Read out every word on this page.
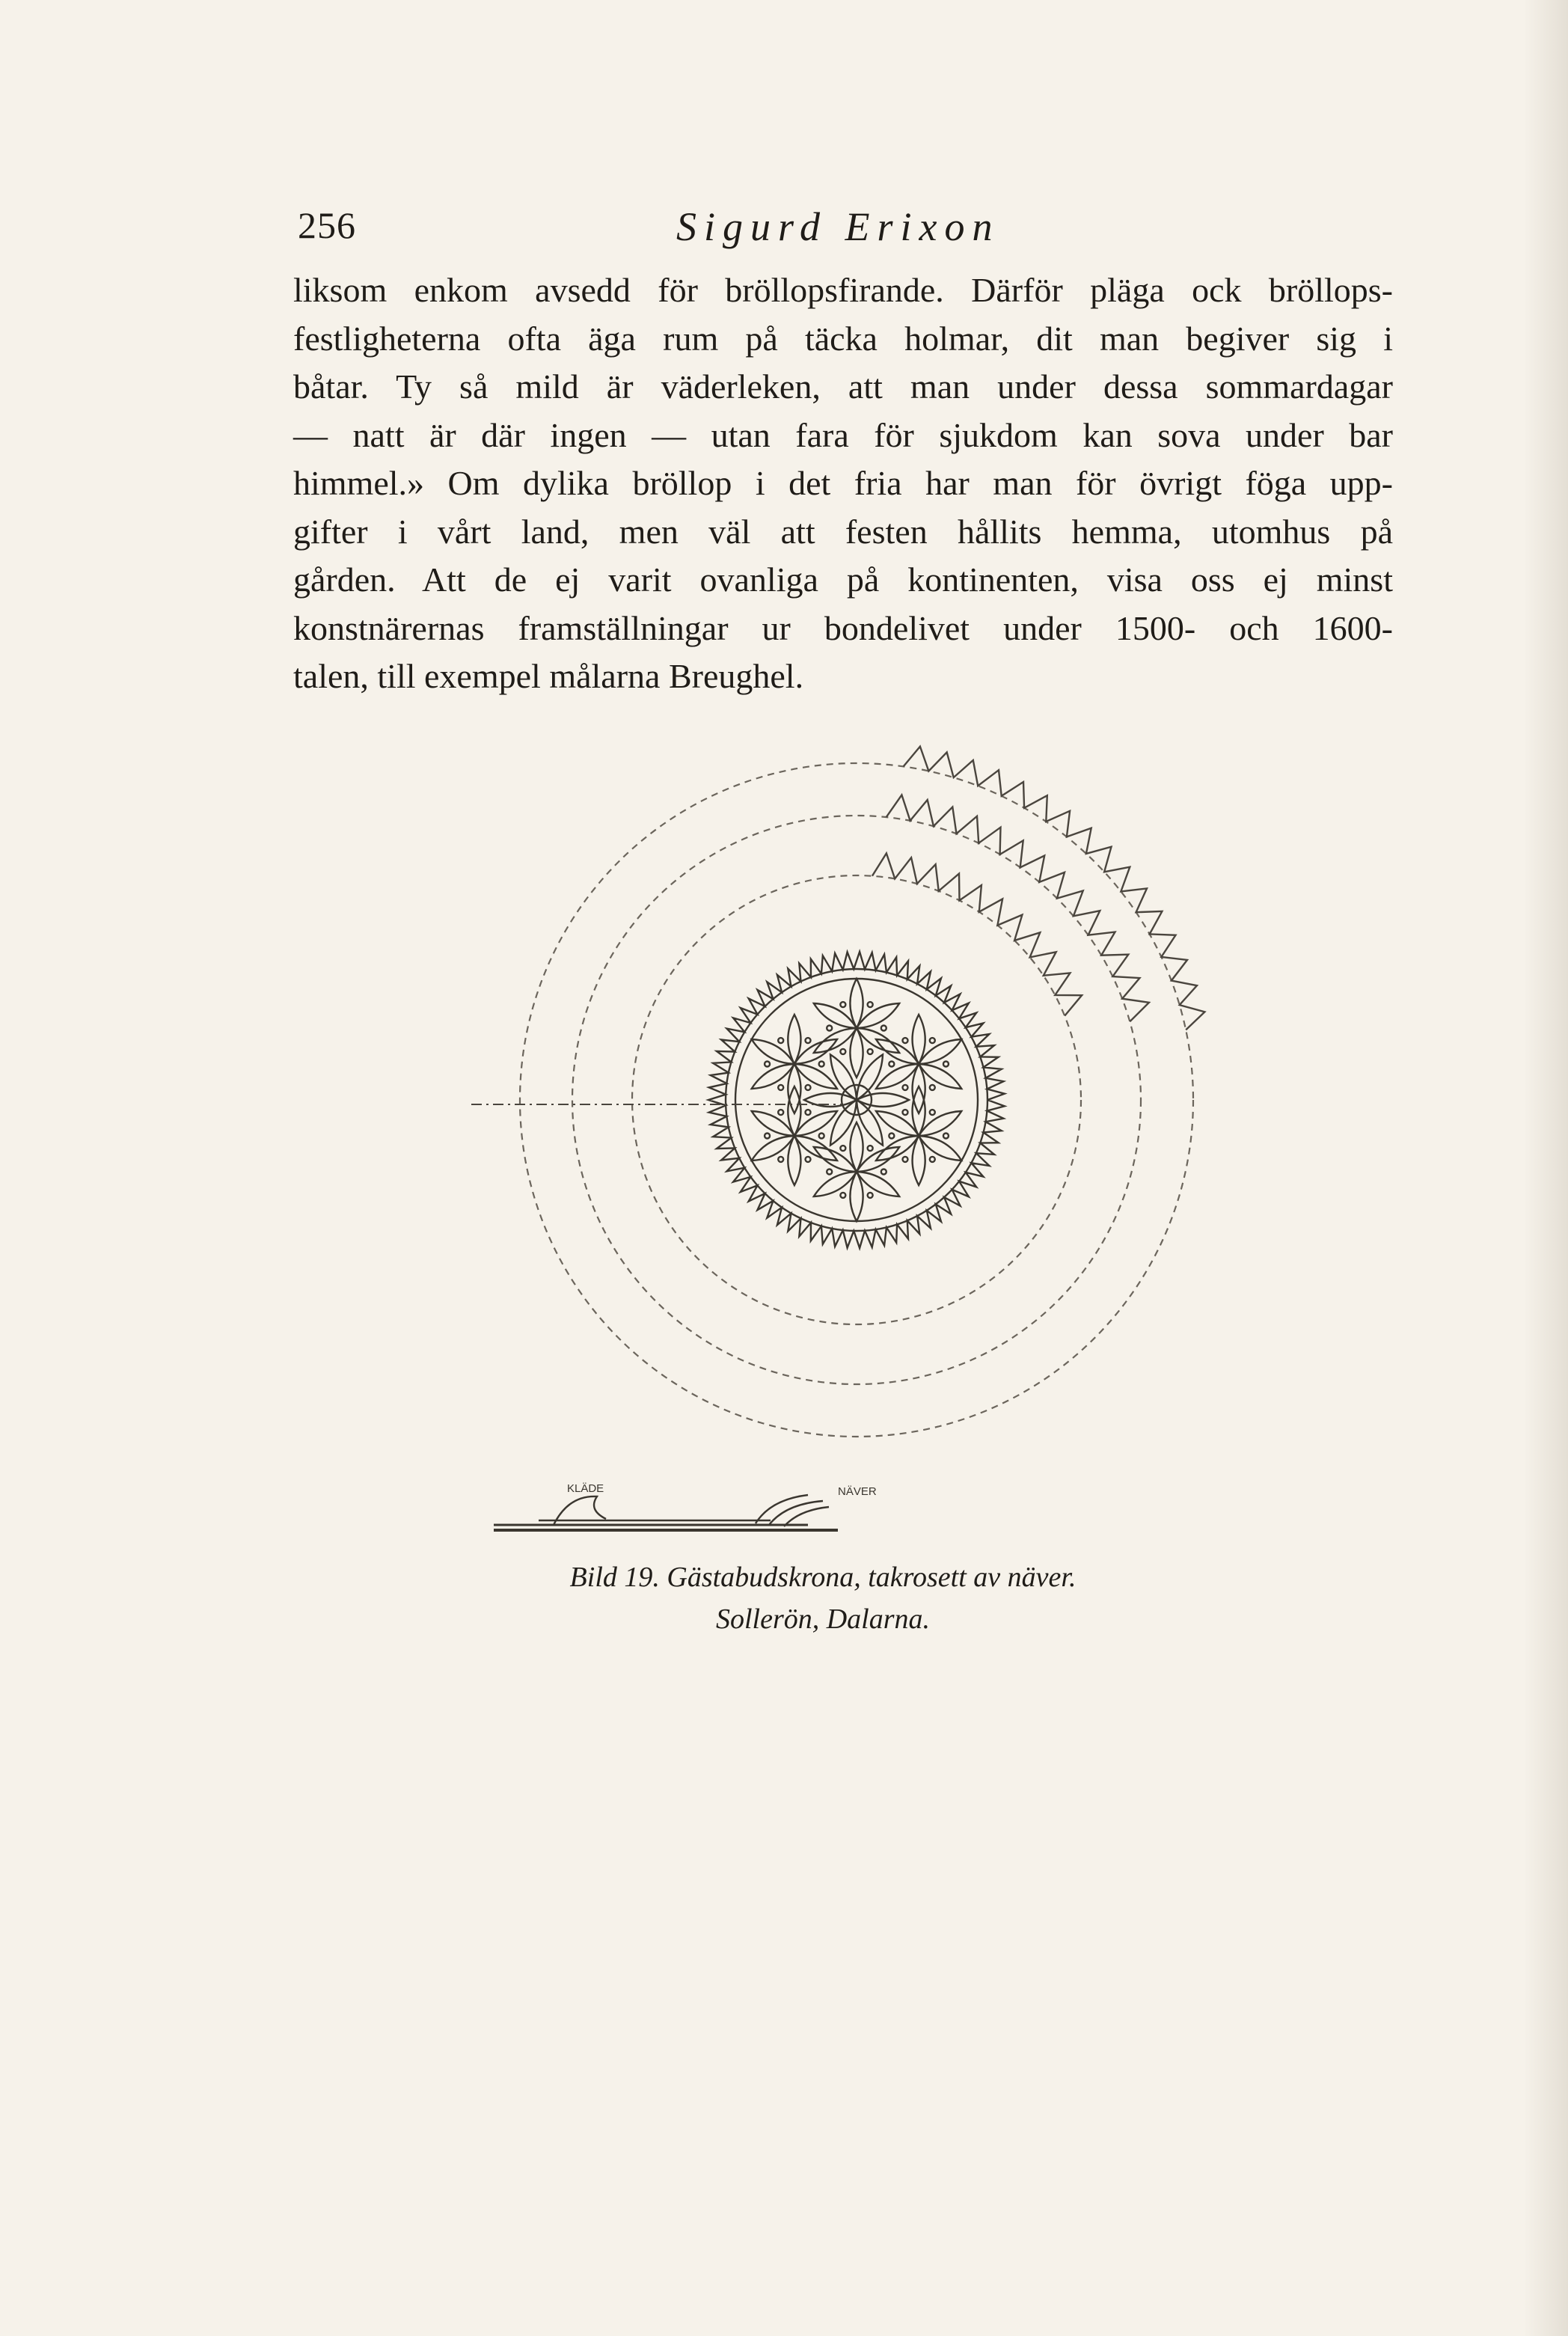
256	Sigurd Erixon
liksom enkom avsedd för bröllopsfirande. Därför pläga ock bröllops-
festligheterna ofta äga rum på täcka holmar, dit man begiver sig i
båtar. Ty så mild är väderleken, att man under dessa sommardagar
— natt är där ingen — utan fara för sjukdom kan sova under bar
himmel.» Om dylika bröllop i det fria har man för övrigt föga upp-
gifter i vårt land, men väl att festen hållits hemma, utomhus på
gården. Att de ej varit ovanliga på kontinenten, visa oss ej minst
konstnärernas framställningar ur bondelivet under 1500- och 1600-
talen, till exempel målarna Breughel.
KLÄDE	NÄVER
Bild 19. Gästabudskrona, takrosett av näver.
Sollerön, Dalarna.
